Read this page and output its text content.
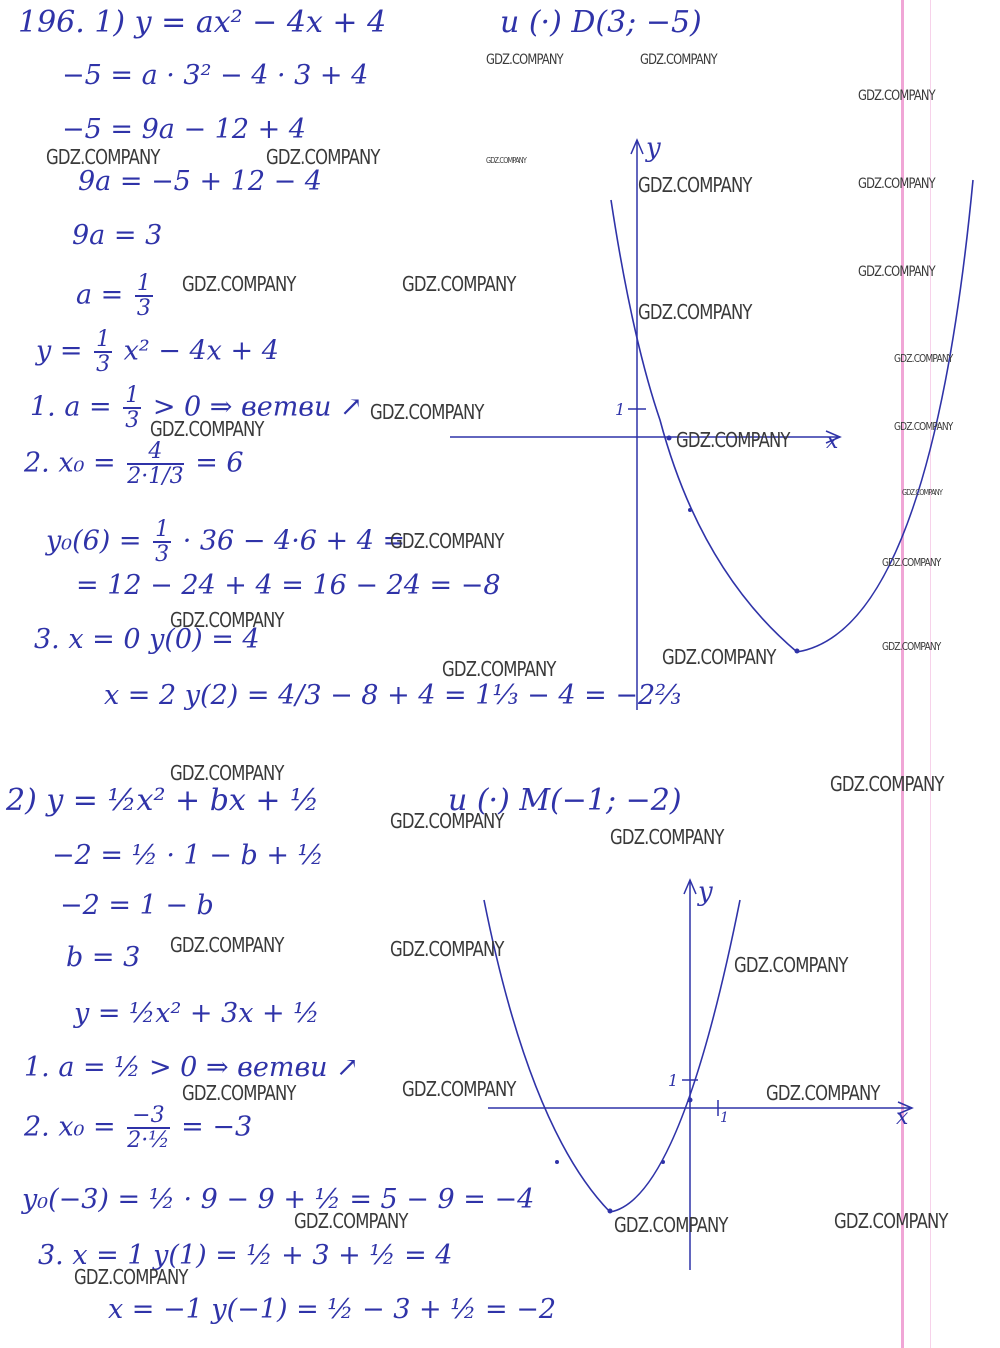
196. 1) y = ax² − 4x + 4	и (·) D(3; −5)
−5 = a · 3² − 4 · 3 + 4
−5 = 9a − 12 + 4
9a = −5 + 12 − 4
9a = 3
$a = \frac{1}{3}$
$y = \frac{1}{3} x^2 - 4x + 4$
1. $a = \frac{1}{3} > 0$ ⇒ ветви ↗
2. $x_0 = \frac{4}{2\cdot 1/3} = 6$
$y_0(6) = \frac{1}{3} \cdot 36 - 4\cdot 6 + 4$ =
= 12 − 24 + 4 = 16 − 24 = −8
3. x = 0 y(0) = 4
x = 2 y(2) = 4/3 − 8 + 4 = 1⅓ − 4 = −2⅔
2) y = ½x² + bx + ½	и (·) M(−1; −2)
−2 = ½ · 1 − b + ½
−2 = 1 − b
b = 3
y = ½x² + 3x + ½
1. a = ½ > 0 ⇒ ветви ↗
2. $x_0 = \frac{-3}{\text{2·½}} = -3$
y₀(−3) = ½ · 9 − 9 + ½ = 5 − 9 = −4
3. x = 1 y(1) = ½ + 3 + ½ = 4
x = −1 y(−1) = ½ − 3 + ½ = −2
1
y
x
1
1
y
x
GDZ.COMPANY	GDZ.COMPANY
GDZ.COMPANY
GDZ.COMPANY	GDZ.COMPANY	GDZ.COMPANY
GDZ.COMPANY	GDZ.COMPANY
GDZ.COMPANY
GDZ.COMPANY	GDZ.COMPANY
GDZ.COMPANY
GDZ.COMPANY
GDZ.COMPANY
GDZ.COMPANY
GDZ.COMPANY	GDZ.COMPANY
GDZ.COMPANY
GDZ.COMPANY
GDZ.COMPANY
GDZ.COMPANY
GDZ.COMPANY
GDZ.COMPANY
GDZ.COMPANY
GDZ.COMPANY	GDZ.COMPANY
GDZ.COMPANY
GDZ.COMPANY
GDZ.COMPANY	GDZ.COMPANY
GDZ.COMPANY
GDZ.COMPANY
GDZ.COMPANY	GDZ.COMPANY
GDZ.COMPANY	GDZ.COMPANY
GDZ.COMPANY
GDZ.COMPANY
